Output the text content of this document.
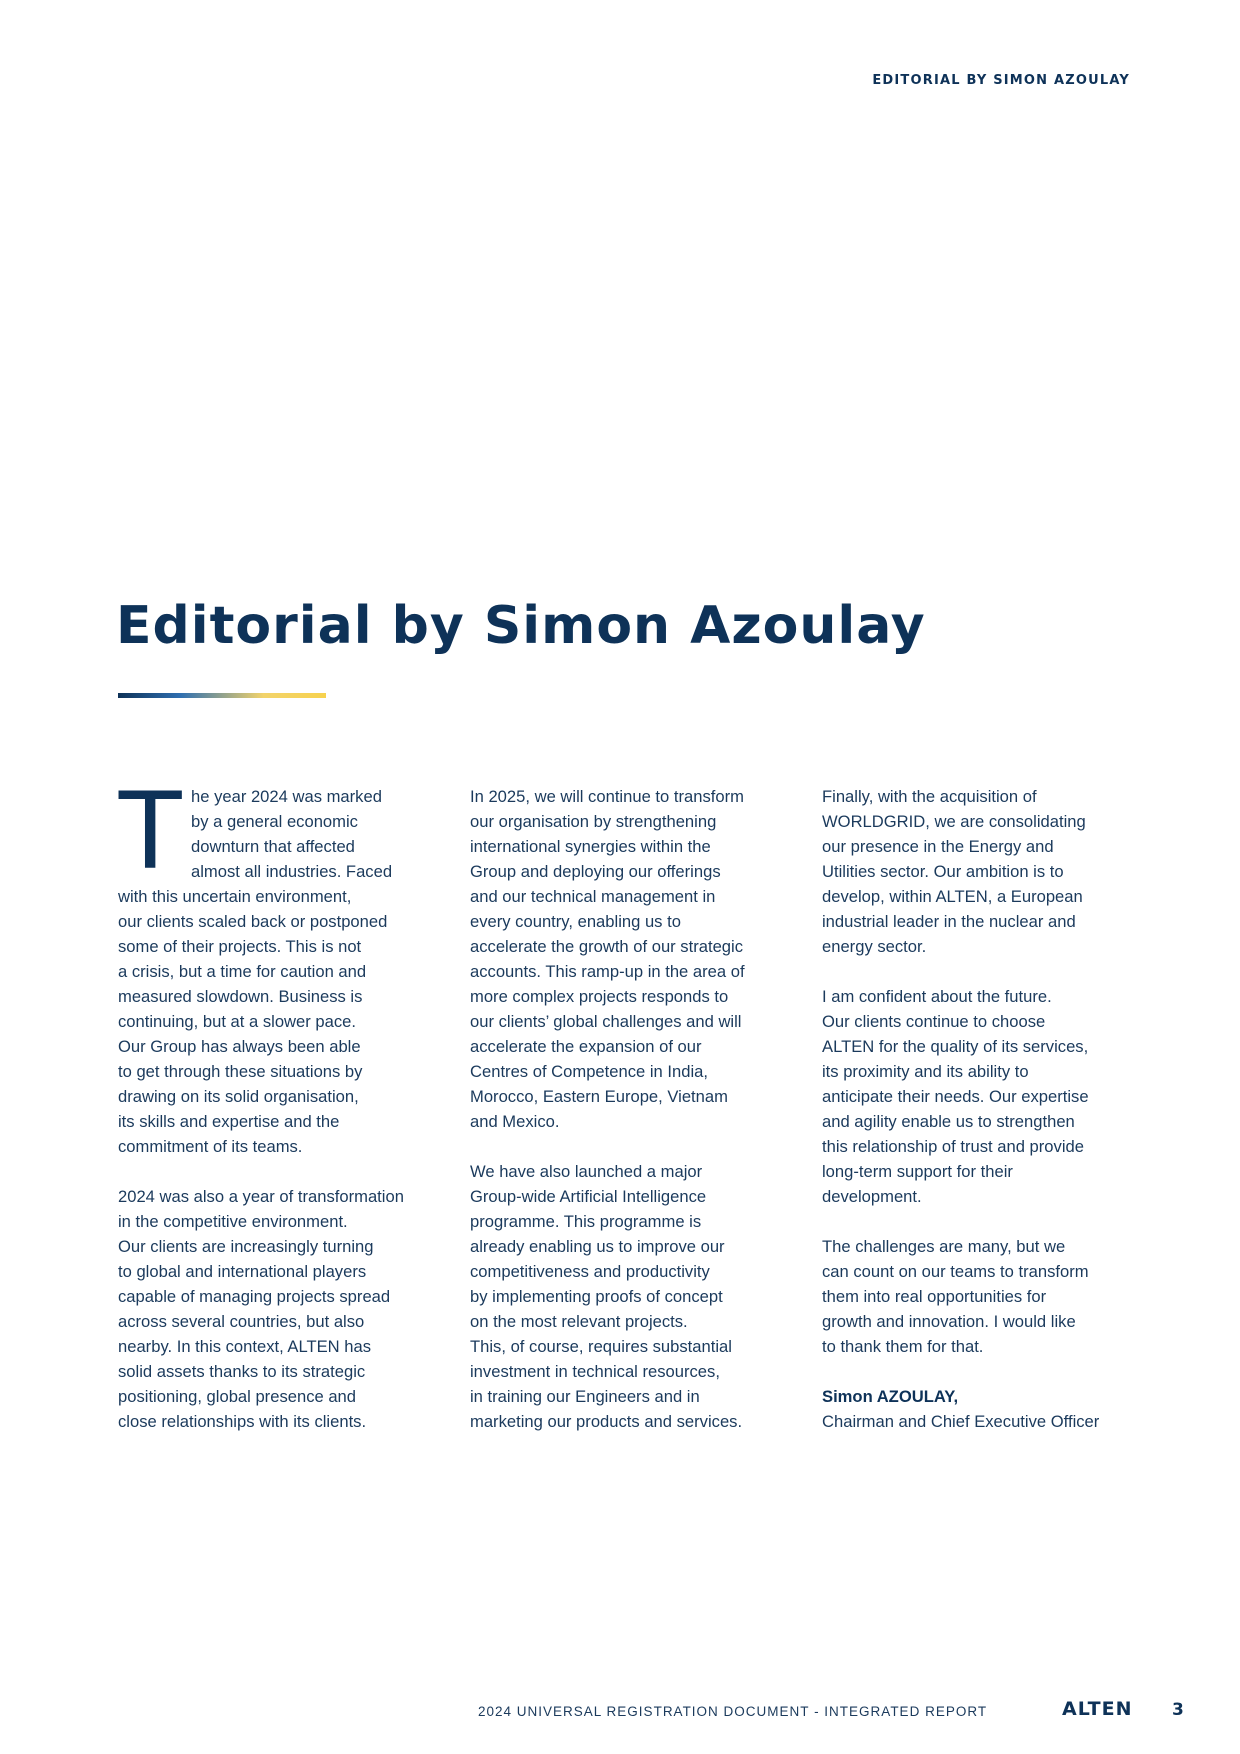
EDITORIAL BY SIMON AZOULAY
Editorial by Simon Azoulay
T he year 2024 was marked
by a general economic
downturn that affected
almost all industries. Faced
with this uncertain environment,
our clients scaled back or postponed
some of their projects. This is not
a crisis, but a time for caution and
measured slowdown. Business is
continuing, but at a slower pace.
Our Group has always been able
to get through these situations by
drawing on its solid organisation,
its skills and expertise and the
commitment of its teams.

2024 was also a year of transformation
in the competitive environment.
Our clients are increasingly turning
to global and international players
capable of managing projects spread
across several countries, but also
nearby. In this context, ALTEN has
solid assets thanks to its strategic
positioning, global presence and
close relationships with its clients.

In 2025, we will continue to transform
our organisation by strengthening
international synergies within the
Group and deploying our offerings
and our technical management in
every country, enabling us to
accelerate the growth of our strategic
accounts. This ramp-up in the area of
more complex projects responds to
our clients’ global challenges and will
accelerate the expansion of our
Centres of Competence in India,
Morocco, Eastern Europe, Vietnam
and Mexico.

We have also launched a major
Group-wide Artificial Intelligence
programme. This programme is
already enabling us to improve our
competitiveness and productivity
by implementing proofs of concept
on the most relevant projects.
This, of course, requires substantial
investment in technical resources,
in training our Engineers and in
marketing our products and services.

Finally, with the acquisition of
WORLDGRID, we are consolidating
our presence in the Energy and
Utilities sector. Our ambition is to
develop, within ALTEN, a European
industrial leader in the nuclear and
energy sector.

I am confident about the future.
Our clients continue to choose
ALTEN for the quality of its services,
its proximity and its ability to
anticipate their needs. Our expertise
and agility enable us to strengthen
this relationship of trust and provide
long-term support for their
development.

The challenges are many, but we
can count on our teams to transform
them into real opportunities for
growth and innovation. I would like
to thank them for that.

Simon AZOULAY,
Chairman and Chief Executive Officer

2024 UNIVERSAL REGISTRATION DOCUMENT - INTEGRATED REPORT	ALTEN 3
